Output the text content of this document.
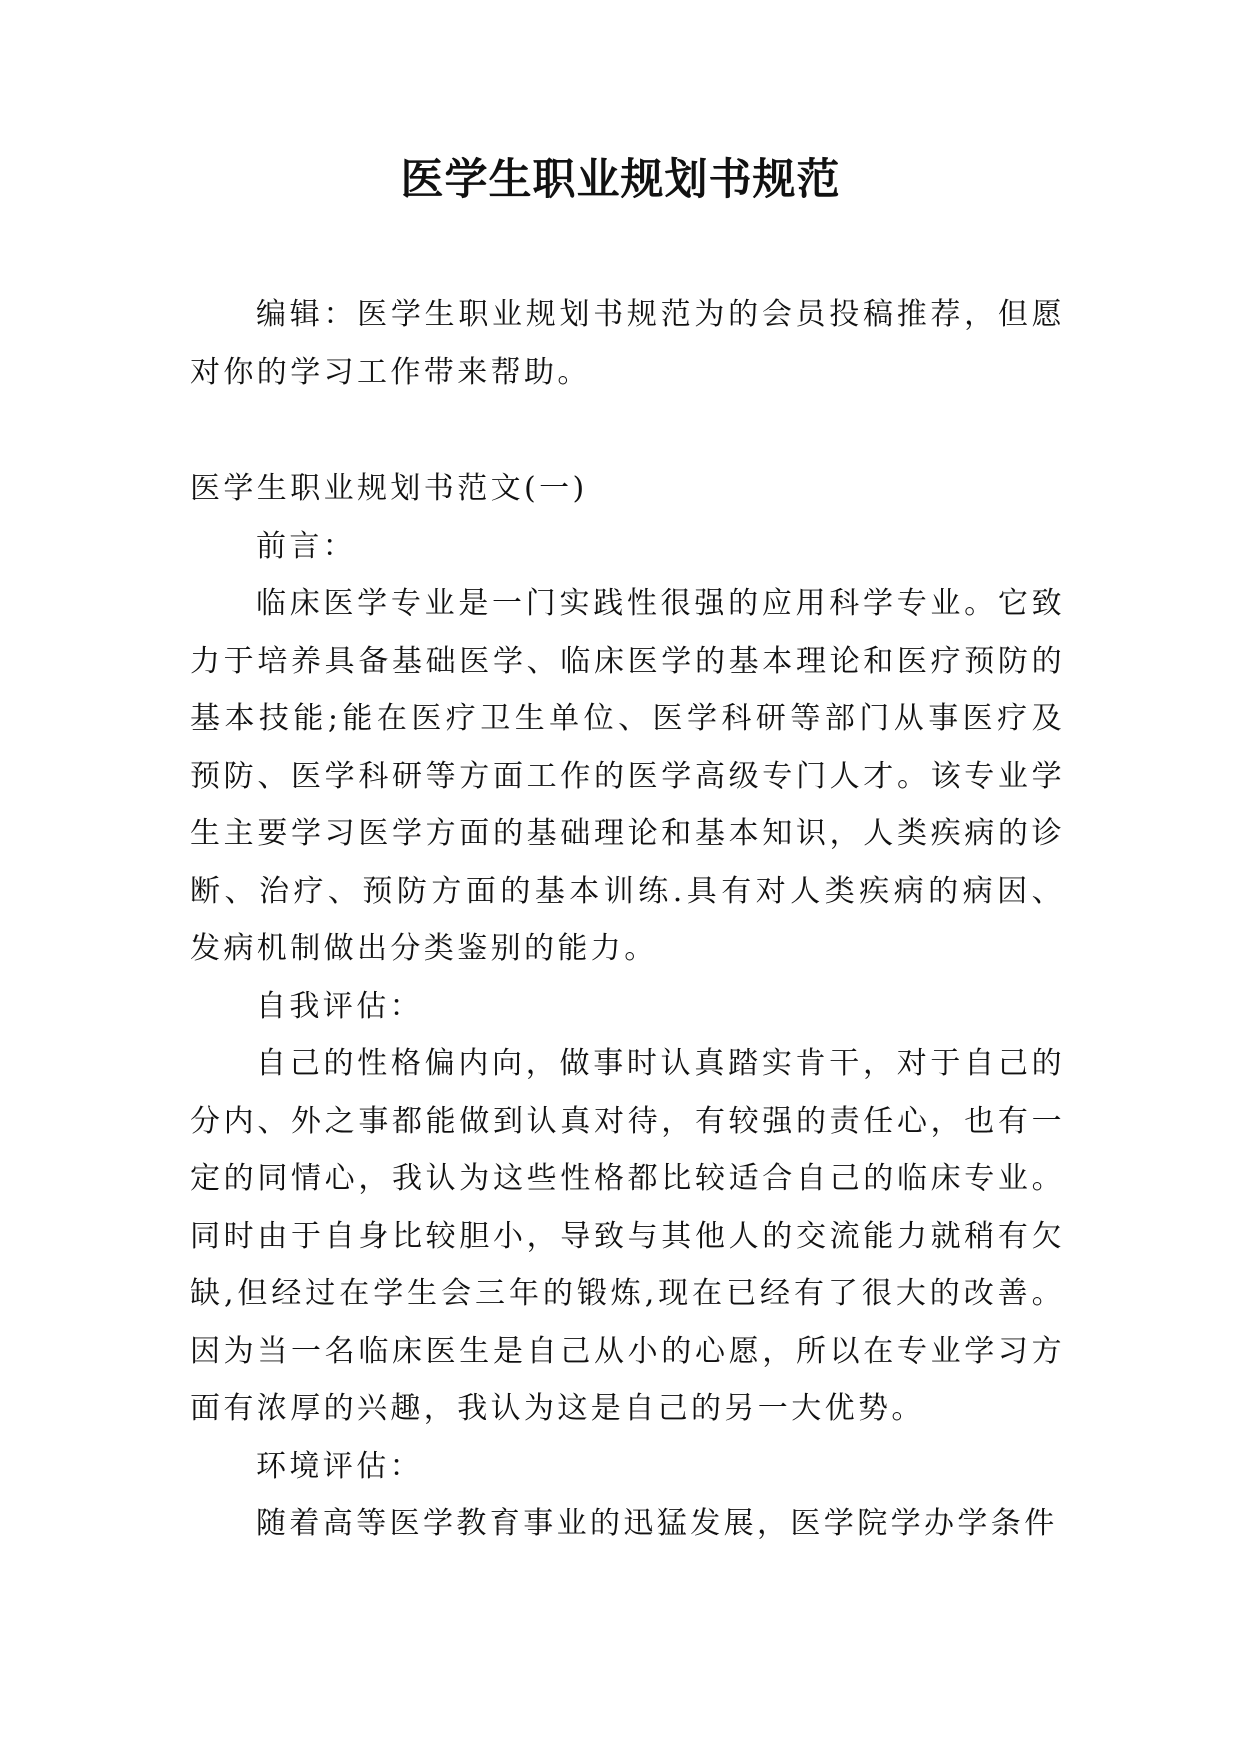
医学生职业规划书规范

编辑：医学生职业规划书规范为的会员投稿推荐，但愿对你的学习工作带来帮助。

医学生职业规划书范文(一)

前言：

临床医学专业是一门实践性很强的应用科学专业。它致力于培养具备基础医学、临床医学的基本理论和医疗预防的基本技能;能在医疗卫生单位、医学科研等部门从事医疗及预防、医学科研等方面工作的医学高级专门人才。该专业学生主要学习医学方面的基础理论和基本知识，人类疾病的诊断、治疗、预防方面的基本训练.具有对人类疾病的病因、发病机制做出分类鉴别的能力。

自我评估：

自己的性格偏内向，做事时认真踏实肯干，对于自己的分内、外之事都能做到认真对待，有较强的责任心，也有一定的同情心，我认为这些性格都比较适合自己的临床专业。同时由于自身比较胆小，导致与其他人的交流能力就稍有欠缺,但经过在学生会三年的锻炼,现在已经有了很大的改善。因为当一名临床医生是自己从小的心愿，所以在专业学习方面有浓厚的兴趣，我认为这是自己的另一大优势。

环境评估：

随着高等医学教育事业的迅猛发展，医学院学办学条件
